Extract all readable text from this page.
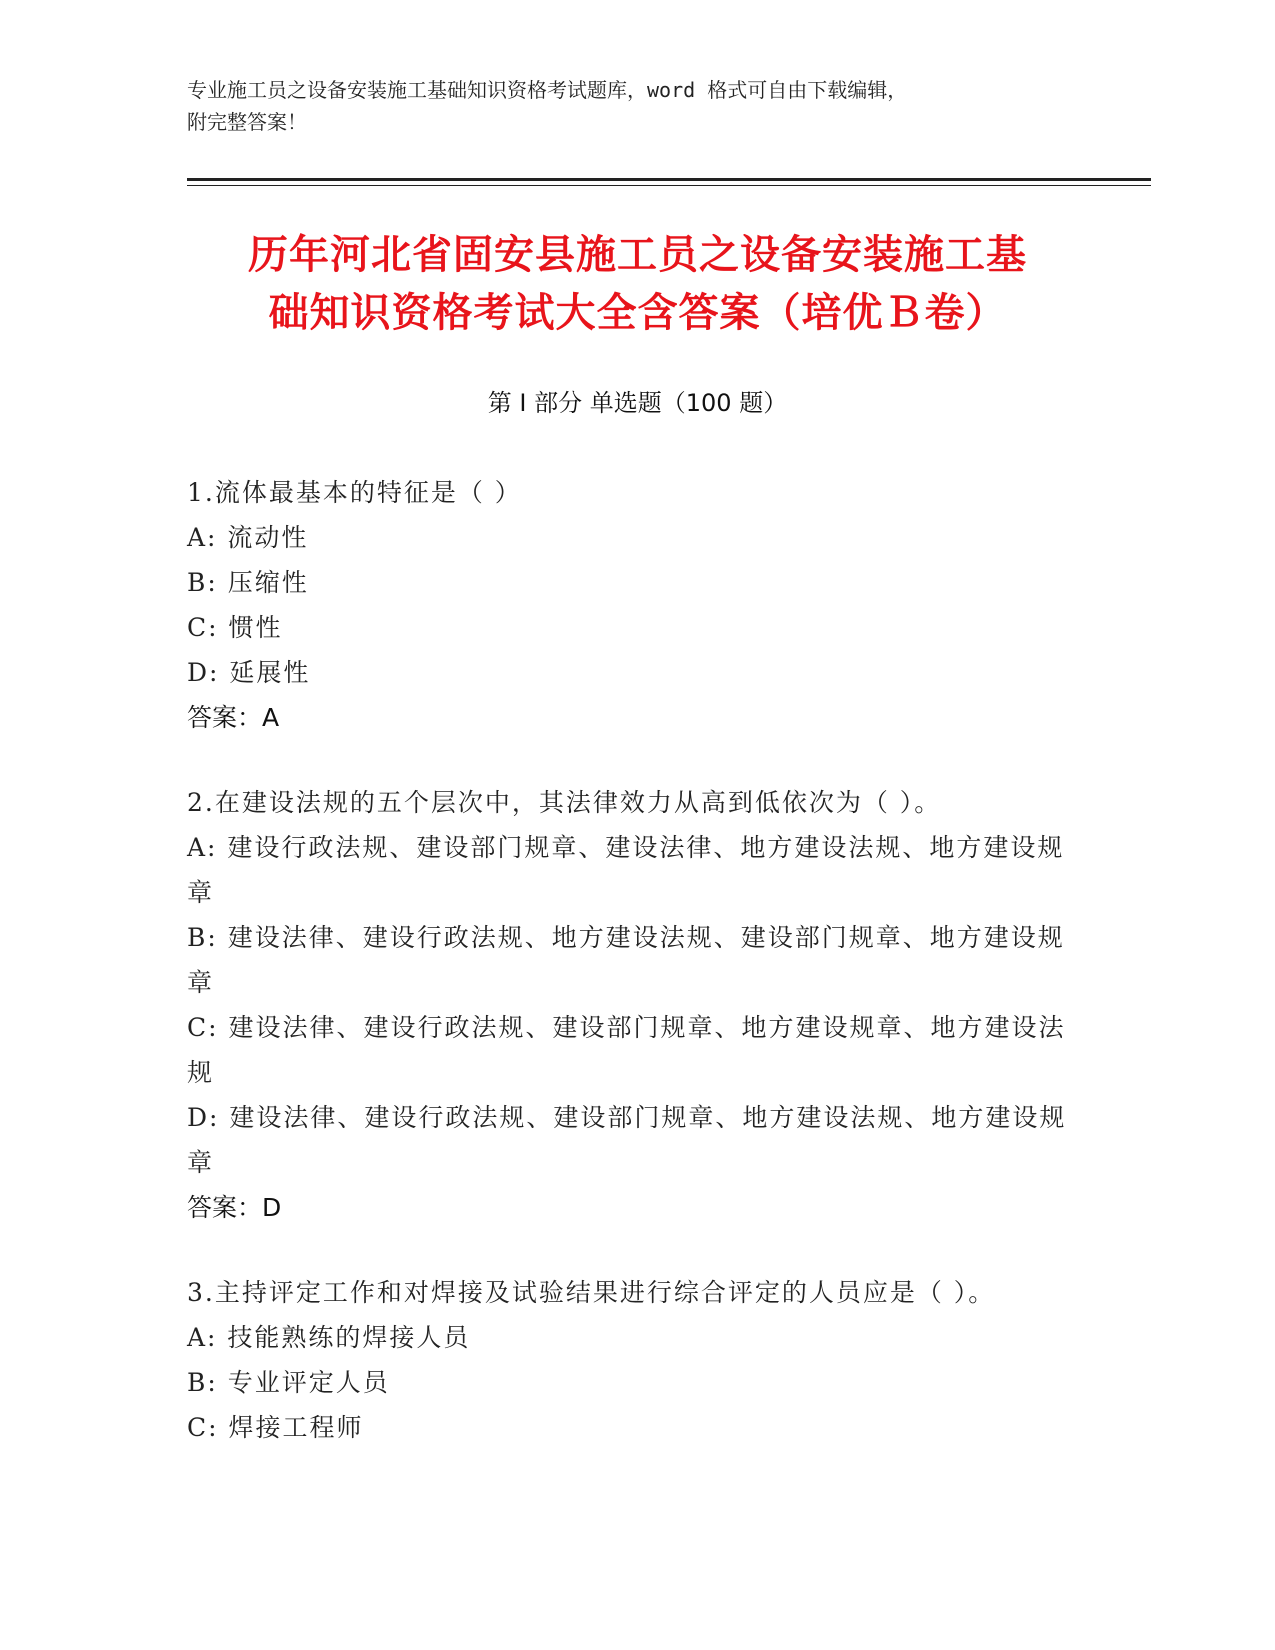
专业施工员之设备安装施工基础知识资格考试题库，word 格式可自由下载编辑，
附完整答案！
历年河北省固安县施工员之设备安装施工基
础知识资格考试大全含答案（培优Ｂ卷）
第 I 部分 单选题（100 题）
1.流体最基本的特征是（ ）
A: 流动性
B: 压缩性
C: 惯性
D: 延展性
答案：A
2.在建设法规的五个层次中，其法律效力从高到低依次为（ ）。
A: 建设行政法规、建设部门规章、建设法律、地方建设法规、地方建设规章
B: 建设法律、建设行政法规、地方建设法规、建设部门规章、地方建设规章
C: 建设法律、建设行政法规、建设部门规章、地方建设规章、地方建设法规
D: 建设法律、建设行政法规、建设部门规章、地方建设法规、地方建设规章
答案：D
3.主持评定工作和对焊接及试验结果进行综合评定的人员应是（ ）。
A: 技能熟练的焊接人员
B: 专业评定人员
C: 焊接工程师
